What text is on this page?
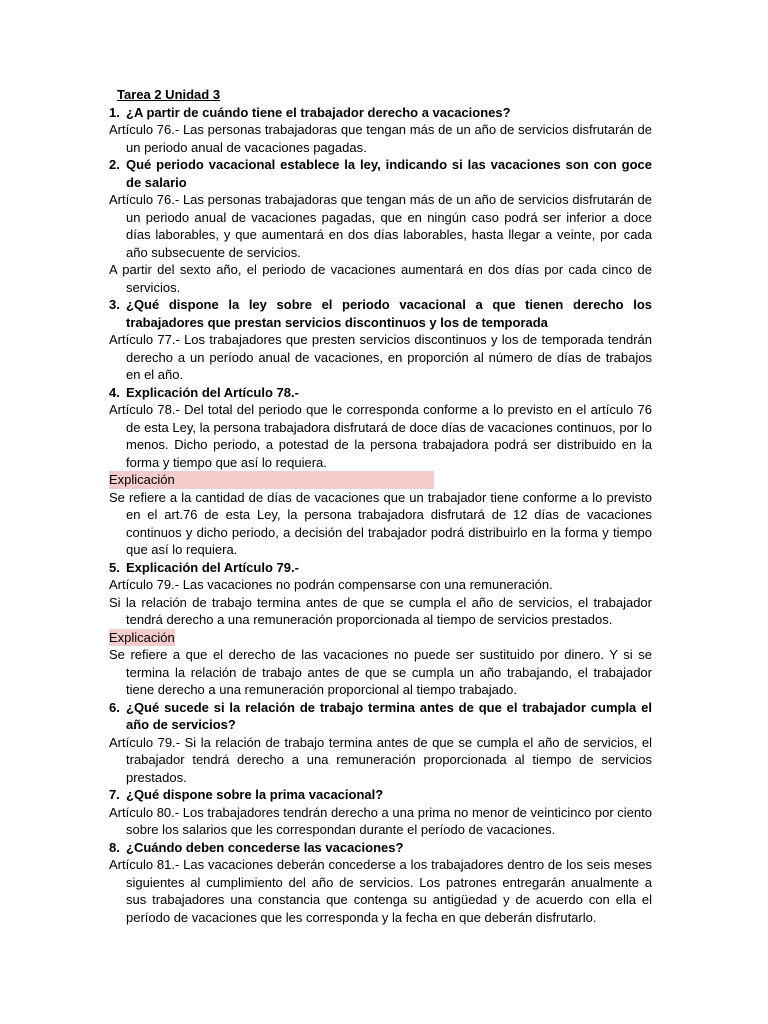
Tarea 2 Unidad 3
1. ¿A partir de cuándo tiene el trabajador derecho a vacaciones?
Artículo 76.- Las personas trabajadoras que tengan más de un año de servicios disfrutarán de un periodo anual de vacaciones pagadas.
2. Qué periodo vacacional establece la ley, indicando si las vacaciones son con goce de salario
Artículo 76.- Las personas trabajadoras que tengan más de un año de servicios disfrutarán de un periodo anual de vacaciones pagadas, que en ningún caso podrá ser inferior a doce días laborables, y que aumentará en dos días laborables, hasta llegar a veinte, por cada año subsecuente de servicios.
A partir del sexto año, el periodo de vacaciones aumentará en dos días por cada cinco de servicios.
3. ¿Qué dispone la ley sobre el periodo vacacional a que tienen derecho los trabajadores que prestan servicios discontinuos y los de temporada
Artículo 77.- Los trabajadores que presten servicios discontinuos y los de temporada tendrán derecho a un período anual de vacaciones, en proporción al número de días de trabajos en el año.
4. Explicación del Artículo 78.-
Artículo 78.- Del total del periodo que le corresponda conforme a lo previsto en el artículo 76 de esta Ley, la persona trabajadora disfrutará de doce días de vacaciones continuos, por lo menos. Dicho periodo, a potestad de la persona trabajadora podrá ser distribuido en la forma y tiempo que así lo requiera.
Explicación
Se refiere a la cantidad de días de vacaciones que un trabajador tiene conforme a lo previsto en el art.76 de esta Ley, la persona trabajadora disfrutará de 12 días de vacaciones continuos y dicho periodo, a decisión del trabajador podrá distribuirlo en la forma y tiempo que así lo requiera.
5. Explicación del Artículo 79.-
Artículo 79.- Las vacaciones no podrán compensarse con una remuneración.
Si la relación de trabajo termina antes de que se cumpla el año de servicios, el trabajador tendrá derecho a una remuneración proporcionada al tiempo de servicios prestados.
Explicación
Se refiere a que el derecho de las vacaciones no puede ser sustituido por dinero. Y si se termina la relación de trabajo antes de que se cumpla un año trabajando, el trabajador tiene derecho a una remuneración proporcional al tiempo trabajado.
6. ¿Qué sucede si la relación de trabajo termina antes de que el trabajador cumpla el año de servicios?
Artículo 79.- Si la relación de trabajo termina antes de que se cumpla el año de servicios, el trabajador tendrá derecho a una remuneración proporcionada al tiempo de servicios prestados.
7. ¿Qué dispone sobre la prima vacacional?
Artículo 80.- Los trabajadores tendrán derecho a una prima no menor de veinticinco por ciento sobre los salarios que les correspondan durante el período de vacaciones.
8. ¿Cuándo deben concederse las vacaciones?
Artículo 81.- Las vacaciones deberán concederse a los trabajadores dentro de los seis meses siguientes al cumplimiento del año de servicios. Los patrones entregarán anualmente a sus trabajadores una constancia que contenga su antigüedad y de acuerdo con ella el período de vacaciones que les corresponda y la fecha en que deberán disfrutarlo.
